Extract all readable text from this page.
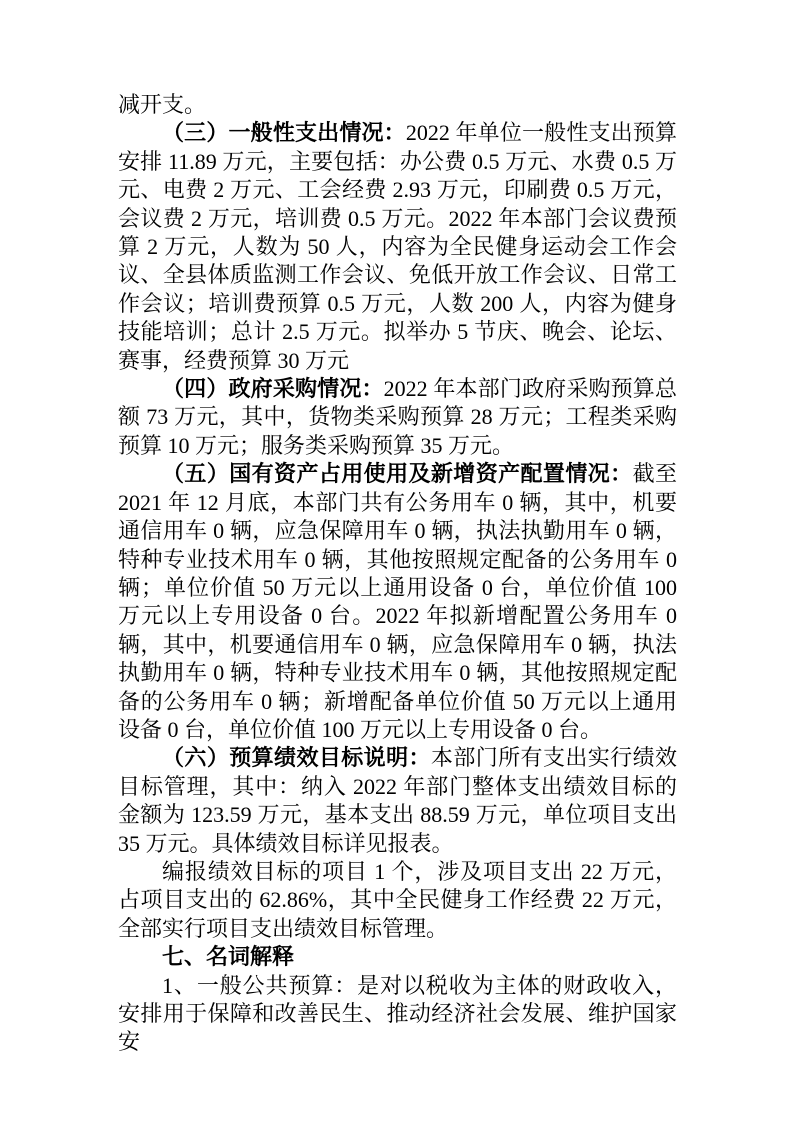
减开支。

（三）一般性支出情况：2022 年单位一般性支出预算安排 11.89 万元，主要包括：办公费 0.5 万元、水费 0.5 万元、电费 2 万元、工会经费 2.93 万元，印刷费 0.5 万元，会议费 2 万元，培训费 0.5 万元。2022 年本部门会议费预算 2 万元，人数为 50 人，内容为全民健身运动会工作会议、全县体质监测工作会议、免低开放工作会议、日常工作会议；培训费预算 0.5 万元，人数 200 人，内容为健身技能培训；总计 2.5 万元。拟举办 5 节庆、晚会、论坛、赛事，经费预算 30 万元

（四）政府采购情况：2022 年本部门政府采购预算总额 73 万元，其中，货物类采购预算 28 万元；工程类采购预算 10 万元；服务类采购预算 35 万元。

（五）国有资产占用使用及新增资产配置情况：截至 2021 年 12 月底，本部门共有公务用车 0 辆，其中，机要通信用车 0 辆，应急保障用车 0 辆，执法执勤用车 0 辆，特种专业技术用车 0 辆，其他按照规定配备的公务用车 0 辆；单位价值 50 万元以上通用设备 0 台，单位价值 100 万元以上专用设备 0 台。2022 年拟新增配置公务用车 0 辆，其中，机要通信用车 0 辆，应急保障用车 0 辆，执法执勤用车 0 辆，特种专业技术用车 0 辆，其他按照规定配备的公务用车 0 辆；新增配备单位价值 50 万元以上通用设备 0 台，单位价值 100 万元以上专用设备 0 台。

（六）预算绩效目标说明：本部门所有支出实行绩效目标管理，其中：纳入 2022 年部门整体支出绩效目标的金额为 123.59 万元，基本支出 88.59 万元，单位项目支出 35 万元。具体绩效目标详见报表。

编报绩效目标的项目 1 个，涉及项目支出 22 万元，占项目支出的 62.86%，其中全民健身工作经费 22 万元，全部实行项目支出绩效目标管理。

七、名词解释

1、一般公共预算：是对以税收为主体的财政收入，安排用于保障和改善民生、推动经济社会发展、维护国家安
